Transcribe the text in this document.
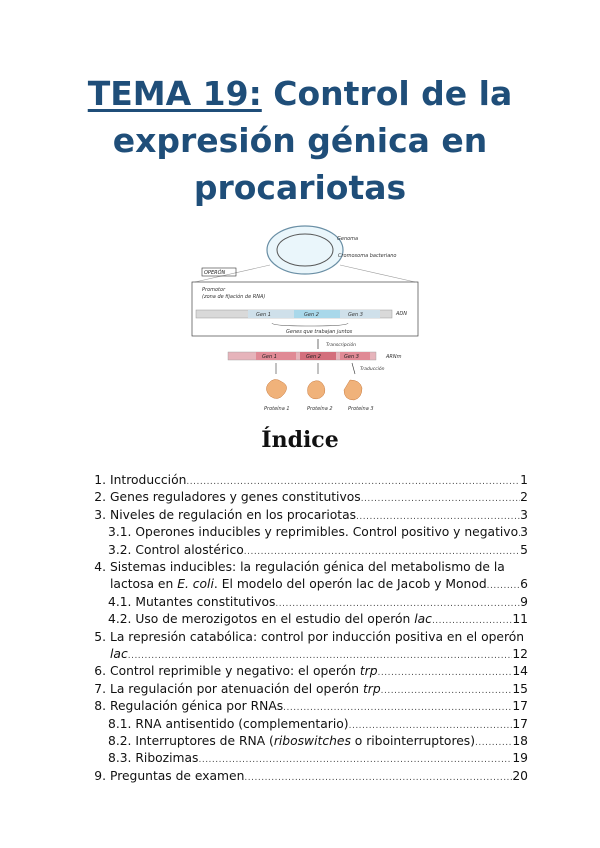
TEMA 19: Control de la
expresión génica en
procariotas
Genoma
Cromosoma bacteriano
OPERÓN
Promotor
(zona de fijación de RNA)
Gen 1	Gen 2	Gen 3	ADN
Genes que trabajan juntos
Transcripción
Gen 1	Gen 2	Gen 3	ARNm
Traducción
Proteína 1	Proteína 2	Proteína 3
Índice
1. Introducción .....	1
2. Genes reguladores y genes constitutivos .....	2
3. Niveles de regulación en los procariotas .....	3
3.1. Operones inducibles y reprimibles. Control positivo y negativo ..... 3
3.2. Control alostérico .....	5
4. Sistemas inducibles: la regulación génica del metabolismo de la
lactosa en E. coli. El modelo del operón lac de Jacob y Monod .....	6
4.1. Mutantes constitutivos .....	9
4.2. Uso de merozigotos en el estudio del operón lac .....	11
5. La represión catabólica: control por inducción positiva en el operón
lac .....	12
6. Control reprimible y negativo: el operón trp .....	14
7. La regulación por atenuación del operón trp .....	15
8. Regulación génica por RNAs .....	17
8.1. RNA antisentido (complementario) .....	17
8.2. Interruptores de RNA (riboswitches o ribointerruptores) .....	18
8.3. Ribozimas .....	19
9. Preguntas de examen .....	20
